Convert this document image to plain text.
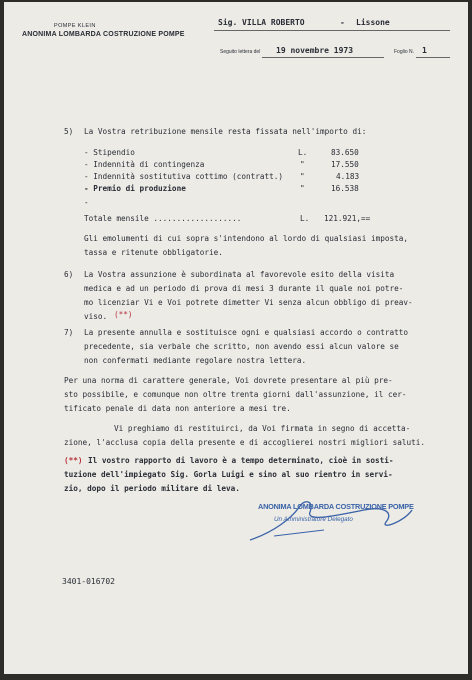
POMPE KLEIN
ANONIMA LOMBARDA COSTRUZIONE POMPE
Sig. VILLA ROBERTO	- Lissone
Seguito lettera del 19 novembre 1973	Foglio N. 1
5) La Vostra retribuzione mensile resta fissata nell'importo di:
- Stipendio	L.	83.650
- Indennità di contingenza	"	17.550
- Indennità sostitutiva cottimo (contratt.) "	4.183
- Premio di produzione	"	16.538
-
Totale mensile ...................	L. 121.921,==
Gli emolumenti di cui sopra s'intendono al lordo di qualsiasi imposta,
tassa e ritenute obbligatorie.
6) La Vostra assunzione è subordinata al favorevole esito della visita
medica e ad un periodo di prova di mesi 3 durante il quale noi potre-
mo licenziar Vi e Voi potrete dimetter Vi senza alcun obbligo di preav-
viso. (**)
7) La presente annulla e sostituisce ogni e qualsiasi accordo o contratto
precedente, sia verbale che scritto, non avendo essi alcun valore se
non confermati mediante regolare nostra lettera.
Per una norma di carattere generale, Voi dovrete presentare al più pre-
sto possibile, e comunque non oltre trenta giorni dall'assunzione, il cer-
tificato penale di data non anteriore a mesi tre.
Vi preghiamo di restituirci, da Voi firmata in segno di accetta-
zione, l'acclusa copia della presente e di accoglierei nostri migliori saluti.
(**) Il vostro rapporto di lavoro è a tempo determinato, cioè in sosti-
tuzione dell'impiegato Sig. Gorla Luigi e sino al suo rientro in servi-
zio, dopo il periodo militare di leva.
ANONIMA LOMBARDA COSTRUZIONE POMPE
Un Amministratore Delegato
3401-016702
